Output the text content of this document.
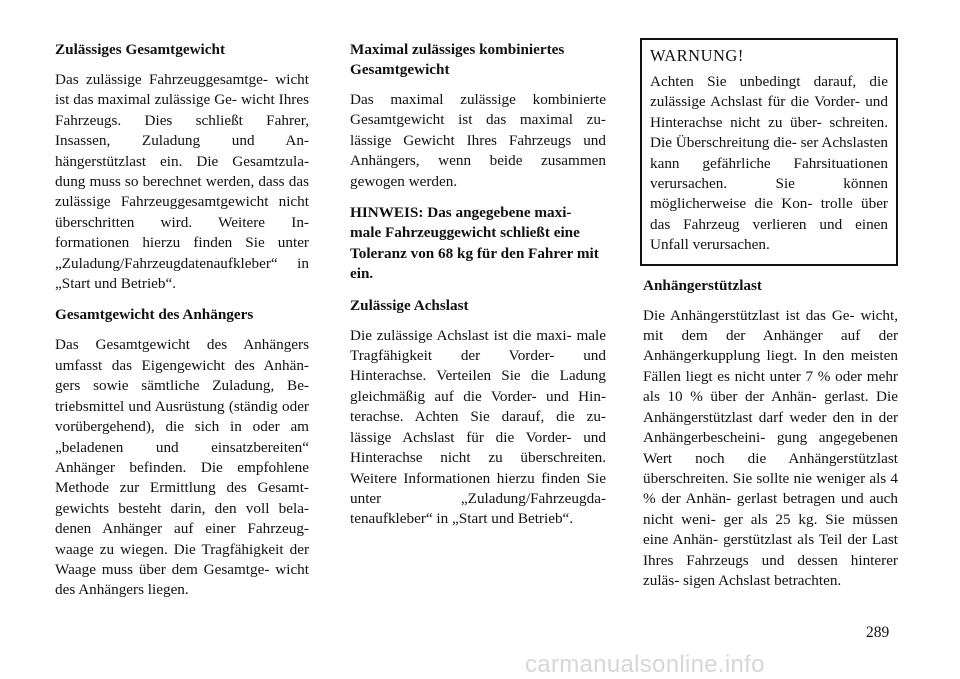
Zulässiges Gesamtgewicht

Das zulässige Fahrzeuggesamtge- wicht ist das maximal zulässige Ge- wicht Ihres Fahrzeugs. Dies schließt Fahrer, Insassen, Zuladung und An- hängerstützlast ein. Die Gesamtzula- dung muss so berechnet werden, dass das zulässige Fahrzeuggesamtgewicht nicht überschritten wird. Weitere In- formationen hierzu finden Sie unter „Zuladung/Fahrzeugdatenaufkleber“ in „Start und Betrieb“.

Gesamtgewicht des Anhängers

Das Gesamtgewicht des Anhängers umfasst das Eigengewicht des Anhän- gers sowie sämtliche Zuladung, Be- triebsmittel und Ausrüstung (ständig oder vorübergehend), die sich in oder am „beladenen und einsatzbereiten“ Anhänger befinden. Die empfohlene Methode zur Ermittlung des Gesamt- gewichts besteht darin, den voll bela- denen Anhänger auf einer Fahrzeug- waage zu wiegen. Die Tragfähigkeit der Waage muss über dem Gesamtge- wicht des Anhängers liegen.

Maximal zulässiges kombiniertes Gesamtgewicht

Das maximal zulässige kombinierte Gesamtgewicht ist das maximal zu- lässige Gewicht Ihres Fahrzeugs und Anhängers, wenn beide zusammen gewogen werden.

HINWEIS: Das angegebene maxi- male Fahrzeuggewicht schließt eine Toleranz von 68 kg für den Fahrer mit ein.

Zulässige Achslast

Die zulässige Achslast ist die maxi- male Tragfähigkeit der Vorder- und Hinterachse. Verteilen Sie die Ladung gleichmäßig auf die Vorder- und Hin- terachse. Achten Sie darauf, die zu- lässige Achslast für die Vorder- und Hinterachse nicht zu überschreiten. Weitere Informationen hierzu finden Sie unter „Zuladung/Fahrzeugda- tenaufkleber“ in „Start und Betrieb“.

WARNUNG!

Achten Sie unbedingt darauf, die zulässige Achslast für die Vorder- und Hinterachse nicht zu über- schreiten. Die Überschreitung die- ser Achslasten kann gefährliche Fahrsituationen verursachen. Sie können möglicherweise die Kon- trolle über das Fahrzeug verlieren und einen Unfall verursachen.

Anhängerstützlast

Die Anhängerstützlast ist das Ge- wicht, mit dem der Anhänger auf der Anhängerkupplung liegt. In den meisten Fällen liegt es nicht unter 7 % oder mehr als 10 % über der Anhän- gerlast. Die Anhängerstützlast darf weder den in der Anhängerbescheini- gung angegebenen Wert noch die Anhängerstützlast überschreiten. Sie sollte nie weniger als 4 % der Anhän- gerlast betragen und auch nicht weni- ger als 25 kg. Sie müssen eine Anhän- gerstützlast als Teil der Last Ihres Fahrzeugs und dessen hinterer zuläs- sigen Achslast betrachten.

289
carmanualsonline.info
